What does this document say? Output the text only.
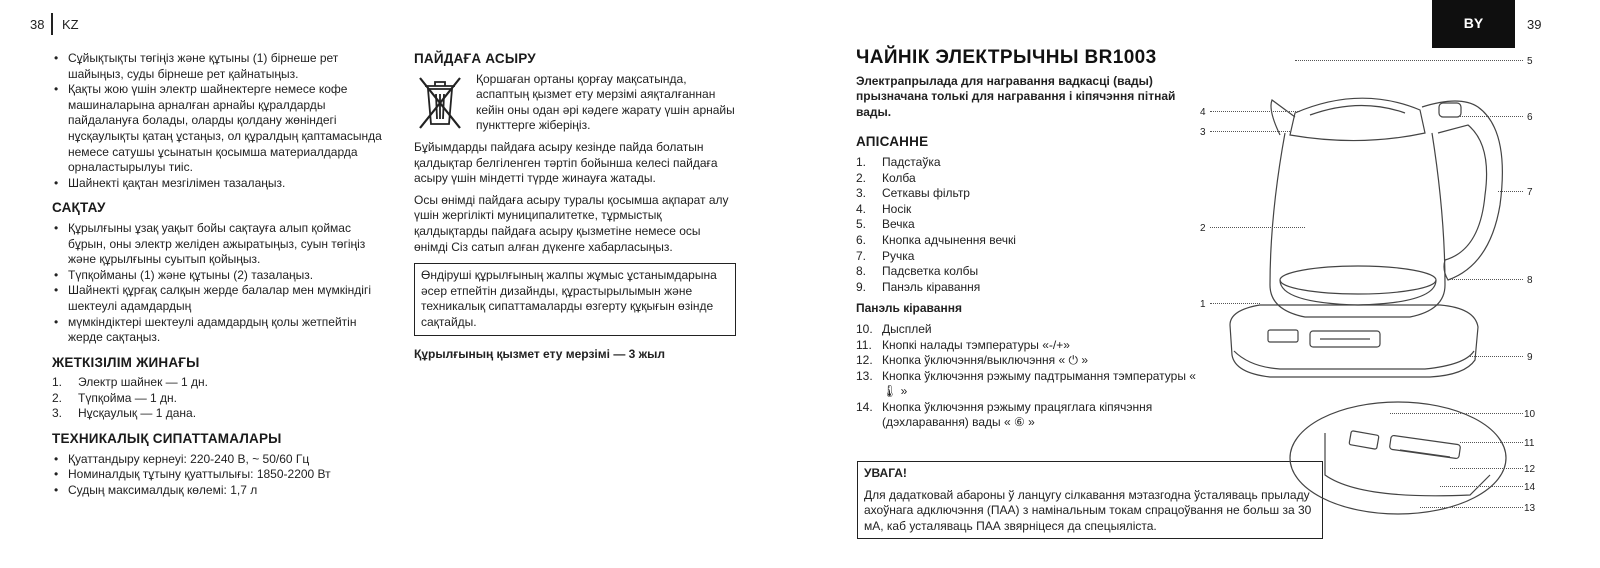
38 KZ
• Сұйықтықты төгіңіз және құтыны (1) бірнеше рет шайыңыз, суды бірнеше рет қайнатыңыз.
• Қақты жою үшін электр шайнектерге немесе кофе машиналарына арналған арнайы құралдарды пайдалануға болады, оларды қолдану жөніндегі нұсқаулықты қатаң ұстаңыз, ол құралдың қаптамасында немесе сатушы ұсынатын қосымша материалдарда орналастырылуы тиіс.
• Шайнекті қақтан мезгілімен тазалаңыз.
САҚТАУ
• Құрылғыны ұзақ уақыт бойы сақтауға алып қоймас бұрын, оны электр желіден ажыратыңыз, суын төгіңіз және құрылғыны суытып қойыңыз.
• Түпқойманы (1) және құтыны (2) тазалаңыз.
• Шайнекті құрғақ салқын жерде балалар мен мүмкіндігі шектеулі адамдардың
• мүмкіндіктері шектеулі адамдардың қолы жетпейтін жерде сақтаңыз.
ЖЕТКІЗІЛІМ ЖИНАҒЫ
1.	Электр шайнек — 1 дн.
2.	Түпқойма — 1 дн.
3.	Нұсқаулық — 1 дана.
ТЕХНИКАЛЫҚ СИПАТТАМАЛАРЫ
• Қуаттандыру кернеуі: 220-240 В, ~ 50/60 Гц
• Номиналдық тұтыну қуаттылығы: 1850-2200 Вт
• Судың максималдық көлемі: 1,7 л
ПАЙДАҒА АСЫРУ
Қоршаған ортаны қорғау мақсатында, аспаптың қызмет ету мерзімі аяқталғаннан кейін оны одан әрі кәдеге жарату үшін арнайы пункттерге жіберіңіз.

Бұйымдарды пайдаға асыру кезінде пайда болатын қалдықтар белгіленген тәртіп бойынша келесі пайдаға асыру үшін міндетті түрде жинауға жатады.

Осы өнімді пайдаға асыру туралы қосымша ақпарат алу үшін жергілікті муниципалитетке, тұрмыстық қалдықтарды пайдаға асыру қызметіне немесе осы өнімді Сіз сатып алған дүкенге хабарласыңыз.

Өндіруші құрылғының жалпы жұмыс ұстанымдарына әсер етпейтін дизайнды, құрастырылымын және техникалық сипаттамаларды өзгерту құқығын өзінде сақтайды.

Құрылғының қызмет ету мерзімі — 3 жыл

BY	39
ЧАЙНІК ЭЛЕКТРЫЧНЫ BR1003

Электрапрылада для награвання вадкасці (вады) прызначана толькі для награвання і кіпячэння пітнай вады.

АПІСАННЕ
1.	Падстаўка
2.	Колба
3.	Сеткавы фільтр
4.	Носік
5.	Вечка
6.	Кнопка адчынення вечкі
7.	Ручка
8.	Падсветка колбы
9.	Панэль кіравання

Панэль кіравання

10. Дысплей
11. Кнопкі налады тэмпературы «-/+»
12. Кнопка ўключэння/выключэння « ⏻ »
13. Кнопка ўключэння рэжыму падтрымання тэмпературы « 🌡 »
14. Кнопка ўключэння рэжыму працяглага кіпячэння (дэхлаpавання) вады « ⑥ »
УВАГА!
Для дадатковай абароны ў ланцугу сілкавання мэтазгодна ўсталяваць прыладу ахоўнага адключэння (ПАА) з намінальным токам спрацоўвання не больш за 30 мА, каб усталяваць ПАА звярніцеся да спецыяліста.
5
6
7
8
9
10
11
12
14
13
4
3
2
1
